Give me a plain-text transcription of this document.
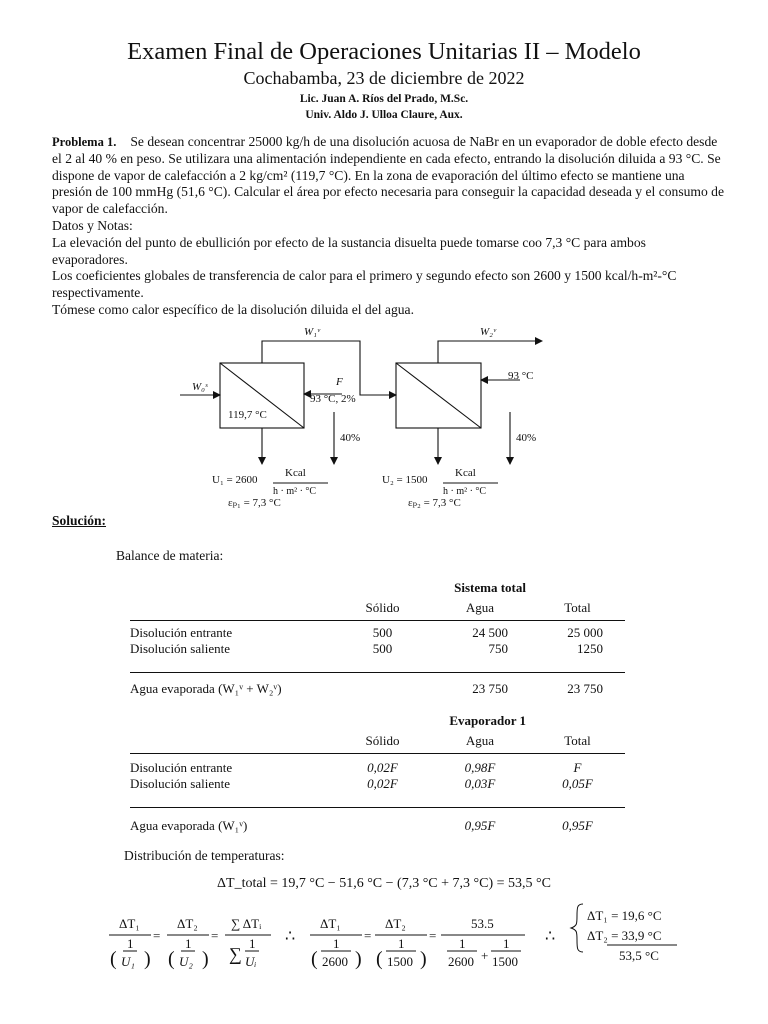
Examen Final de Operaciones Unitarias II – Modelo
Cochabamba, 23 de diciembre de 2022
Lic. Juan A. Ríos del Prado, M.Sc.
Univ. Aldo J. Ulloa Claure, Aux.

Problema 1. Se desean concentrar 25000 kg/h de una disolución acuosa de NaBr en un evaporador de doble efecto desde el 2 al 40 % en peso. Se utilizara una alimentación independiente en cada efecto, entrando la disolución diluida a 93 °C. Se dispone de vapor de calefacción a 2 kg/cm² (119,7 °C). En la zona de evaporación del último efecto se mantiene una presión de 100 mmHg (51,6 °C). Calcular el área por efecto necesaria para conseguir la capacidad deseada y el consumo de vapor de calefacción.

Datos y Notas:

La elevación del punto de ebullición por efecto de la sustancia disuelta puede tomarse coo 7,3 °C para ambos evaporadores.

Los coeficientes globales de transferencia de calor para el primero y segundo efecto son 2600 y 1500 kcal/h-m²-°C respectivamente.

Tómese como calor específico de la disolución diluida el del agua.

W₁ᵛ	W₂ᵛ
W₀ˢ	F
93 °C, 2%
119,7 °C
93 °C
40%	40%
U₁ = 2600
Kcal
h · m² · °C
U₂ = 1500
Kcal
h · m² · °C
εₚ₁ = 7,3 °C	εₚ₂ = 7,3 °C
Solución:
Balance de materia:
	Sistema total		
	Sólido	Agua	Total
Disolución entrante	500	24 500	25 000
Disolución saliente	500	750	1250

Agua evaporada (W₁ᵛ + W₂ᵛ)		23 750	23 750
	Evaporador 1		
	Sólido	Agua	Total
Disolución entrante	0,02F	0,98F	F
Disolución saliente	0,02F	0,03F	0,05F

Agua evaporada (W₁ᵛ)		0,95F	0,95F
Distribución de temperaturas:
ΔT_total = 19,7 °C − 51,6 °C − (7,3 °C + 7,3 °C) = 53,5 °C
ΔT₁	ΔT₂	∑ ΔTᵢ	ΔT₁	ΔT₂	53.5
1	1	1	1	1	1	1
( ) ( )	( ) ( )
U₁	U₂ ∑ Uᵢ	2600	1500	2600 + 1500
∴	∴
=	=	=	=
ΔT₁ = 19,6 °C
ΔT₂ = 33,9 °C
53,5 °C
